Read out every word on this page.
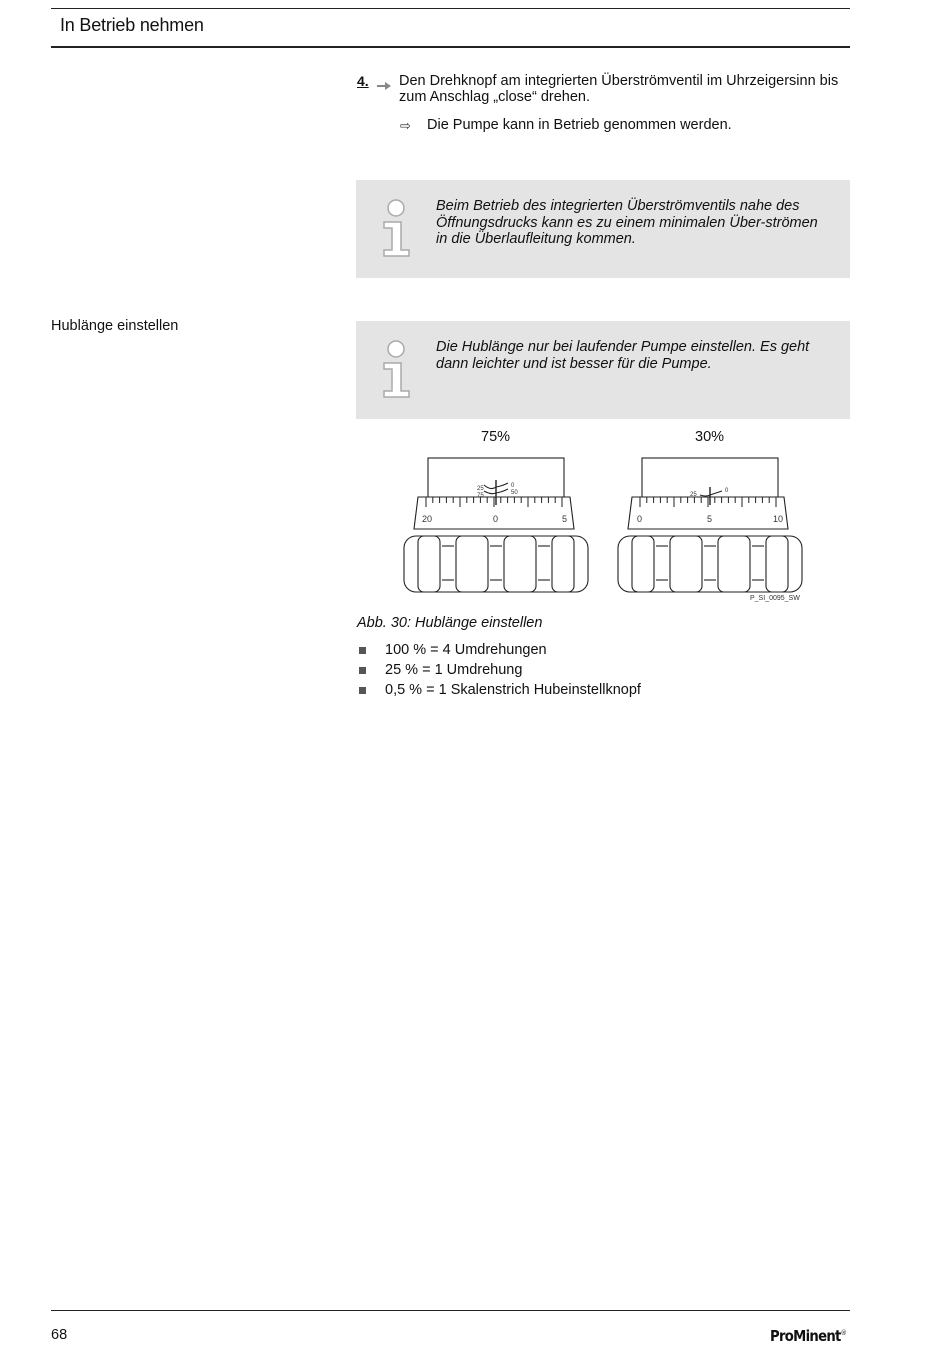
In Betrieb nehmen
4. Den Drehknopf am integrierten Überströmventil im Uhrzeigersinn bis zum Anschlag „close“ drehen.
⇨ Die Pumpe kann in Betrieb genommen werden.
Beim Betrieb des integrierten Überströmventils nahe des Öffnungsdrucks kann es zu einem minimalen Über-strömen in die Überlaufleitung kommen.
Hublänge einstellen
Die Hublänge nur bei laufender Pumpe einstellen. Es geht dann leichter und ist besser für die Pumpe.
75%	30%
20	0	5
25
75
0
50
0	5	10
25
0
P_SI_0095_SW
Abb. 30: Hublänge einstellen
100 % = 4 Umdrehungen
25 % = 1 Umdrehung
0,5 % = 1 Skalenstrich Hubeinstellknopf
68	ProMinent®
